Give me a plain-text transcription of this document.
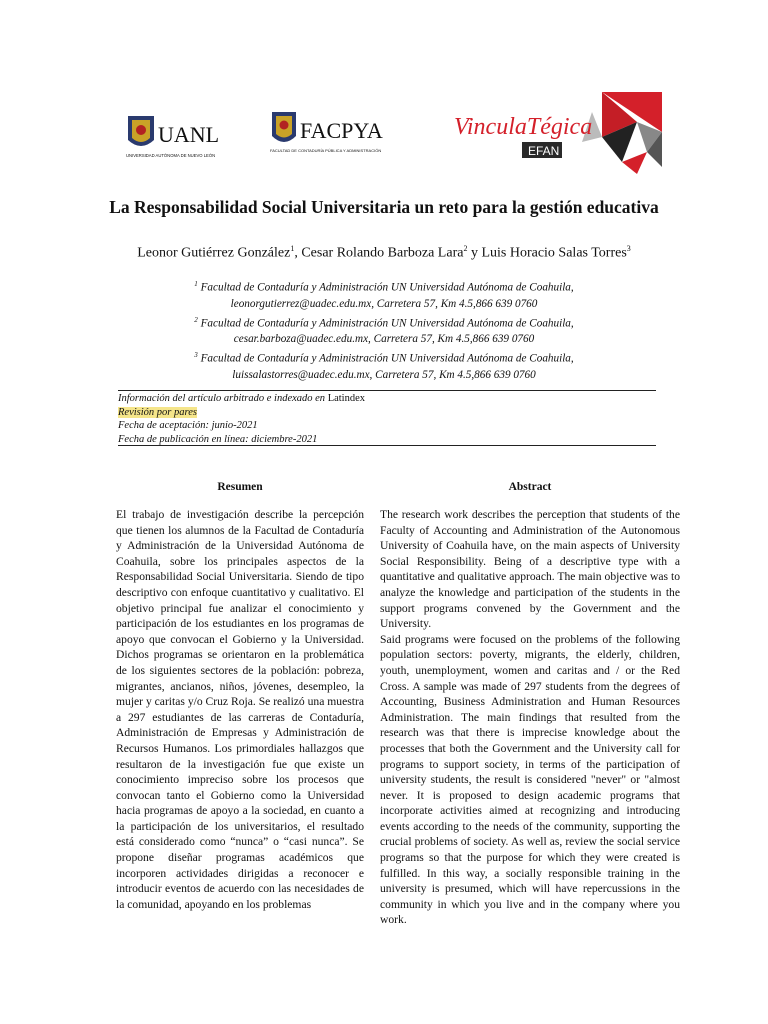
UANL
UNIVERSIDAD AUTÓNOMA DE NUEVO LEÓN
FACPYA
FACULTAD DE CONTADURÍA PÚBLICA Y ADMINISTRACIÓN
VinculaTégica
EFAN
La Responsabilidad Social Universitaria un reto para la gestión educativa
Leonor Gutiérrez González$^1$, Cesar Rolando Barboza Lara$^2$ y Luis Horacio Salas Torres$^3$
$^1$ Facultad de Contaduría y Administración UN Universidad Autónoma de Coahuila,
leonorgutierrez@uadec.edu.mx, Carretera 57, Km 4.5,866 639 0760
$^2$ Facultad de Contaduría y Administración UN Universidad Autónoma de Coahuila,
cesar.barboza@uadec.edu.mx, Carretera 57, Km 4.5,866 639 0760
$^3$ Facultad de Contaduría y Administración UN Universidad Autónoma de Coahuila,
luissalastorres@uadec.edu.mx, Carretera 57, Km 4.5,866 639 0760
Información del artículo arbitrado e indexado en Latindex
Revisión por pares
Fecha de aceptación: junio-2021
Fecha de publicación en línea: diciembre-2021
Resumen

El trabajo de investigación describe la percepción que tienen los alumnos de la Facultad de Contaduría y Administración de la Universidad Autónoma de Coahuila, sobre los principales aspectos de la Responsabilidad Social Universitaria. Siendo de tipo descriptivo con enfoque cuantitativo y cualitativo. El objetivo principal fue analizar el conocimiento y participación de los estudiantes en los programas de apoyo que convocan el Gobierno y la Universidad. Dichos programas se orientaron en la problemática de los siguientes sectores de la población: pobreza, migrantes, ancianos, niños, jóvenes, desempleo, la mujer y caritas y/o Cruz Roja. Se realizó una muestra a 297 estudiantes de las carreras de Contaduría, Administración de Empresas y Administración de Recursos Humanos. Los primordiales hallazgos que resultaron de la investigación fue que existe un conocimiento impreciso sobre los procesos que convocan tanto el Gobierno como la Universidad hacia programas de apoyo a la sociedad, en cuanto a la participación de los universitarios, el resultado está considerado como “nunca” o “casi nunca”. Se propone diseñar programas académicos que incorporen actividades dirigidas a reconocer e introducir eventos de acuerdo con las necesidades de la comunidad, apoyando en los problemas

Abstract

The research work describes the perception that students of the Faculty of Accounting and Administration of the Autonomous University of Coahuila have, on the main aspects of University Social Responsibility. Being of a descriptive type with a quantitative and qualitative approach. The main objective was to analyze the knowledge and participation of the students in the support programs convened by the Government and the University.

Said programs were focused on the problems of the following population sectors: poverty, migrants, the elderly, children, youth, unemployment, women and caritas and / or the Red Cross. A sample was made of 297 students from the degrees of Accounting, Business Administration and Human Resources Administration. The main findings that resulted from the research was that there is imprecise knowledge about the processes that both the Government and the University call for programs to support society, in terms of the participation of university students, the result is considered "never" or "almost never. It is proposed to design academic programs that incorporate activities aimed at recognizing and introducing events according to the needs of the community, supporting the crucial problems of society. As well as, review the social service programs so that the purpose for which they were created is fulfilled. In this way, a socially responsible training in the university is presumed, which will have repercussions in the community in which you live and in the company where you work.
